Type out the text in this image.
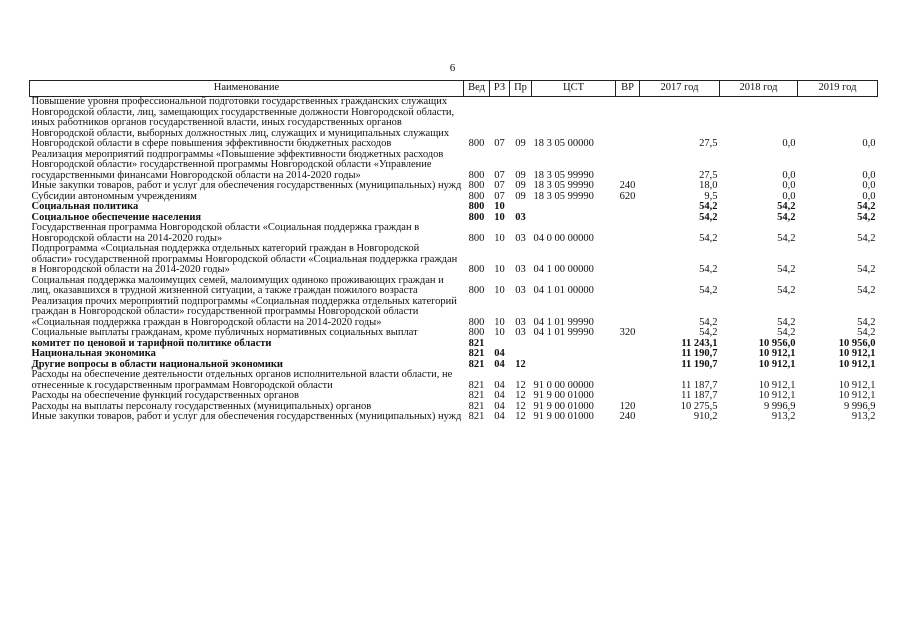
6
Наименование	Вед	РЗ	Пр	ЦСТ	ВР	2017 год	2018 год	2019 год
Повышение уровня профессиональной подготовки государственных гражданских служащих Новгородской области, лиц, замещающих государственные должности Новгородской области, иных работников органов государственной власти, иных государственных органов Новгородской области, выборных должностных лиц, служащих и муниципальных служащих Новгородской области в сфере повышения эффективности бюджетных расходов	800	07	09	18 3 05 00000		27,5	0,0	0,0
Реализация мероприятий подпрограммы «Повышение эффективности бюджетных расходов Новгородской области» государственной программы Новгородской области «Управление государственными финансами Новгородской области на 2014-2020 годы»	800	07	09	18 3 05 99990		27,5	0,0	0,0
Иные закупки товаров, работ и услуг для обеспечения государственных (муниципальных) нужд	800	07	09	18 3 05 99990	240	18,0	0,0	0,0
Субсидии автономным учреждениям	800	07	09	18 3 05 99990	620	9,5	0,0	0,0
Социальная политика	800	10				54,2	54,2	54,2
Социальное обеспечение населения	800	10	03			54,2	54,2	54,2
Государственная программа Новгородской области «Социальная поддержка граждан в Новгородской области на 2014-2020 годы»	800	10	03	04 0 00 00000		54,2	54,2	54,2
Подпрограмма «Социальная поддержка отдельных категорий граждан в Новгородской области» государственной программы Новгородской области «Социальная поддержка граждан в Новгородской области на 2014-2020 годы»	800	10	03	04 1 00 00000		54,2	54,2	54,2
Социальная поддержка малоимущих семей, малоимущих одиноко проживающих граждан и лиц, оказавшихся в трудной жизненной ситуации, а также граждан пожилого возраста	800	10	03	04 1 01 00000		54,2	54,2	54,2
Реализация прочих мероприятий подпрограммы «Социальная поддержка отдельных категорий граждан в Новгородской области» государственной программы Новгородской области «Социальная поддержка граждан в Новгородской области на 2014-2020 годы»	800	10	03	04 1 01 99990		54,2	54,2	54,2
Социальные выплаты гражданам, кроме публичных нормативных социальных выплат	800	10	03	04 1 01 99990	320	54,2	54,2	54,2
комитет по ценовой и тарифной политике области	821					11 243,1	10 956,0	10 956,0
Национальная экономика	821	04				11 190,7	10 912,1	10 912,1
Другие вопросы в области национальной экономики	821	04	12			11 190,7	10 912,1	10 912,1
Расходы на обеспечение деятельности отдельных органов исполнительной власти области, не отнесенные к государственным программам Новгородской области	821	04	12	91 0 00 00000		11 187,7	10 912,1	10 912,1
Расходы на обеспечение функций государственных органов	821	04	12	91 9 00 01000		11 187,7	10 912,1	10 912,1
Расходы на выплаты персоналу государственных (муниципальных) органов	821	04	12	91 9 00 01000	120	10 275,5	9 996,9	9 996,9
Иные закупки товаров, работ и услуг для обеспечения государственных (муниципальных) нужд	821	04	12	91 9 00 01000	240	910,2	913,2	913,2
